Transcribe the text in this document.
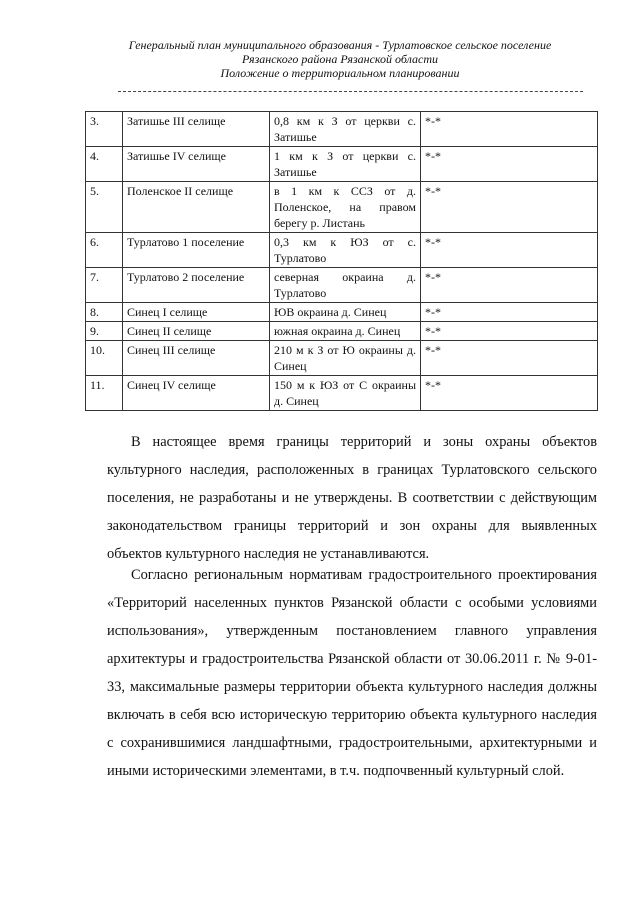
Генеральный план муниципального образования - Турлатовское сельское поселение
Рязанского района Рязанской области
Положение о территориальном планировании
3.	Затишье III селище	0,8 км к З от церкви с. Затишье	*-*
4.	Затишье IV селище	1 км к З от церкви с. Затишье	*-*
5.	Поленское II селище	в 1 км к ССЗ от д. Поленское, на правом берегу р. Листань	*-*
6.	Турлатово 1 поселение	0,3 км к ЮЗ от с. Турлатово	*-*
7.	Турлатово 2 поселение	северная окраина д. Турлатово	*-*
8.	Синец I селище	ЮВ окраина д. Синец	*-*
9.	Синец II селище	южная окраина д. Синец	*-*
10.	Синец III селище	210 м к З от Ю окраины д. Синец	*-*
11.	Синец IV селище	150 м к ЮЗ от С окраины д. Синец	*-*

В настоящее время границы территорий и зоны охраны объектов культурного наследия, расположенных в границах Турлатовского сельского поселения, не разработаны и не утверждены. В соответствии с действующим законодательством границы территорий и зон охраны для выявленных объектов культурного наследия не устанавливаются.

Согласно региональным нормативам градостроительного проектирования «Территорий населенных пунктов Рязанской области с особыми условиями использования», утвержденным постановлением главного управления архитектуры и градостроительства Рязанской области от 30.06.2011 г. № 9-01-33, максимальные размеры территории объекта культурного наследия должны включать в себя всю историческую территорию объекта культурного наследия с сохранившимися ландшафтными, градостроительными, архитектурными и иными историческими элементами, в т.ч. подпочвенный культурный слой.
